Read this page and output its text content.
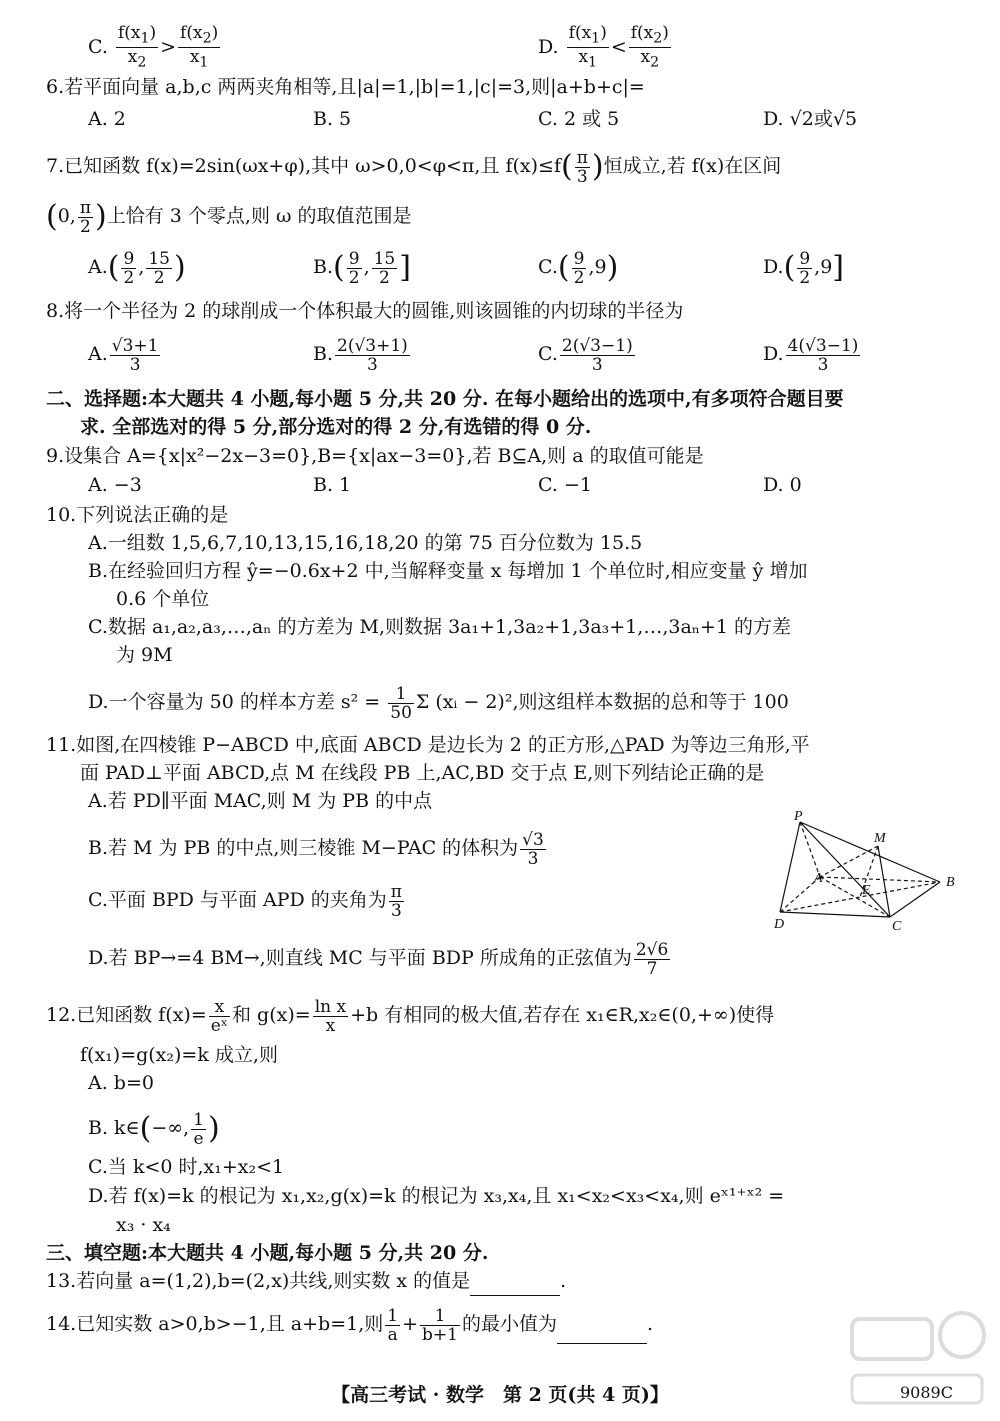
C. $\frac{f(x_1)}{x_2} > \frac{f(x_2)}{x_1}$	D. $\frac{f(x_1)}{x_1} < \frac{f(x_2)}{x_2}$
6.若平面向量 a,b,c 两两夹角相等,且|a|=1,|b|=1,|c|=3,则|a+b+c|=
A. 2	B. 5	C. 2 或 5	D. √2或√5
7.已知函数 f(x)=2sin(ωx+φ),其中 ω>0,0<φ<π,且 $f(x)\le f( \frac{\pi}{3}$ )恒成立,若 f(x)在区间
(0, $\frac{\pi}{2}$ )上恰有 3 个零点,则 ω 的取值范围是
$A.( \frac{9}{2}$ , $\frac{15}{2}$ )	$B.( \frac{9}{2}$ , $\frac{15}{2}$ ]	$C.( \frac{9}{2} ,9)$	$D.( \frac{9}{2} ,9]$
8.将一个半径为 2 的球削成一个体积最大的圆锥,则该圆锥的内切球的半径为
A. $\frac{√3+1}{3}$	B. $\frac{2(√3+1)}{3}$	C. $\frac{2(√3-1)}{3}$	D. $\frac{4(√3-1)}{3}$
二、选择题:本大题共 4 小题,每小题 5 分,共 20 分. 在每小题给出的选项中,有多项符合题目要
求. 全部选对的得 5 分,部分选对的得 2 分,有选错的得 0 分.
9.设集合 A={x|x²−2x−3=0},B={x|ax−3=0},若 B⊆A,则 a 的取值可能是
A. −3	B. 1	C. −1	D. 0
10.下列说法正确的是
A.一组数 1,5,6,7,10,13,15,16,18,20 的第 75 百分位数为 15.5
B.在经验回归方程 ŷ=−0.6x+2 中,当解释变量 x 每增加 1 个单位时,相应变量 ŷ 增加
0.6 个单位
C.数据 a₁,a₂,a₃,…,aₙ 的方差为 M,则数据 3a₁+1,3a₂+1,3a₃+1,…,3aₙ+1 的方差
为 9M
D.一个容量为 50 的样本方差 $s^2 = \frac{1}{50}$ Σ (xᵢ − 2)²,则这组样本数据的总和等于 100
11.如图,在四棱锥 P−ABCD 中,底面 ABCD 是边长为 2 的正方形,△PAD 为等边三角形,平
面 PAD⊥平面 ABCD,点 M 在线段 PB 上,AC,BD 交于点 E,则下列结论正确的是
A.若 PD∥平面 MAC,则 M 为 PB 的中点
B.若 M 为 PB 的中点,则三棱锥 M−PAC 的体积为 $\frac{√3}{3}$
C.平面 BPD 与平面 APD 的夹角为 $\frac{\pi}{3}$
D.若 BP→=4 BM→,则直线 MC 与平面 BDP 所成角的正弦值为 $\frac{2√6}{7}$
P
M
A
E
B
D	C
12.已知函数 $f(x)= \frac{x}{\text{eˣ}}$ 和 $g(x)= \frac{\text{ln x}}{x} +b$ 有相同的极大值,若存在 x₁∈R,x₂∈(0,+∞)使得
f(x₁)=g(x₂)=k 成立,则
A. b=0
B. k∈(−∞, $\frac{1}{e}$ )
C.当 k<0 时,x₁+x₂<1
D.若 f(x)=k 的根记为 x₁,x₂,g(x)=k 的根记为 x₃,x₄,且 x₁<x₂<x₃<x₄,则 eˣ¹⁺ˣ² =
x₃ · x₄
三、填空题:本大题共 4 小题,每小题 5 分,共 20 分.
13.若向量 a=(1,2),b=(2,x)共线,则实数 x 的值是	.
14.已知实数 a>0,b>−1,且 a+b=1,则 $\frac{1}{a} + \frac{1}{b+1}$ 的最小值为	.
【高三考试 · 数学　第 2 页(共 4 页)】	9089C
